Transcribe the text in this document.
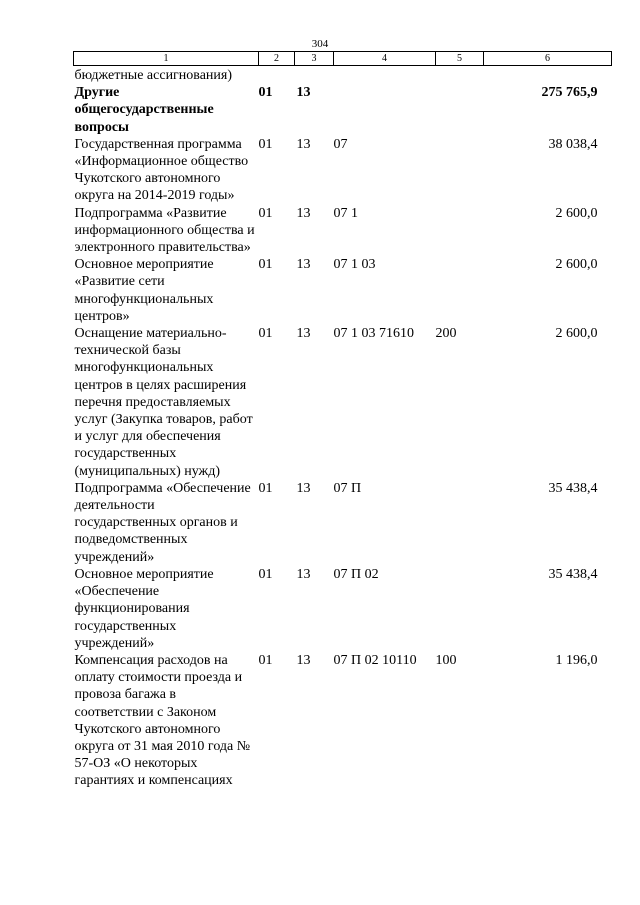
304
1	2	3	4	5	6
бюджетные ассигнования)					
Другие общегосударственные вопросы	01	13			275 765,9
Государственная программа «Информационное общество Чукотского автономного округа на 2014-2019 годы»	01	13	07		38 038,4
Подпрограмма «Развитие информационного общества и электронного правительства»	01	13	07 1		2 600,0
Основное мероприятие «Развитие сети многофункциональных центров»	01	13	07 1 03		2 600,0
Оснащение материально-технической базы многофункциональных центров в целях расширения перечня предоставляемых услуг (Закупка товаров, работ и услуг для обеспечения государственных (муниципальных) нужд)	01	13	07 1 03 71610	200	2 600,0
Подпрограмма «Обеспечение деятельности государственных органов и подведомственных учреждений»	01	13	07 П		35 438,4
Основное мероприятие «Обеспечение функционирования государственных учреждений»	01	13	07 П 02		35 438,4
Компенсация расходов на оплату стоимости проезда и провоза багажа в соответствии с Законом Чукотского автономного округа от 31 мая 2010 года № 57-ОЗ «О некоторых гарантиях и компенсациях	01	13	07 П 02 10110	100	1 196,0
